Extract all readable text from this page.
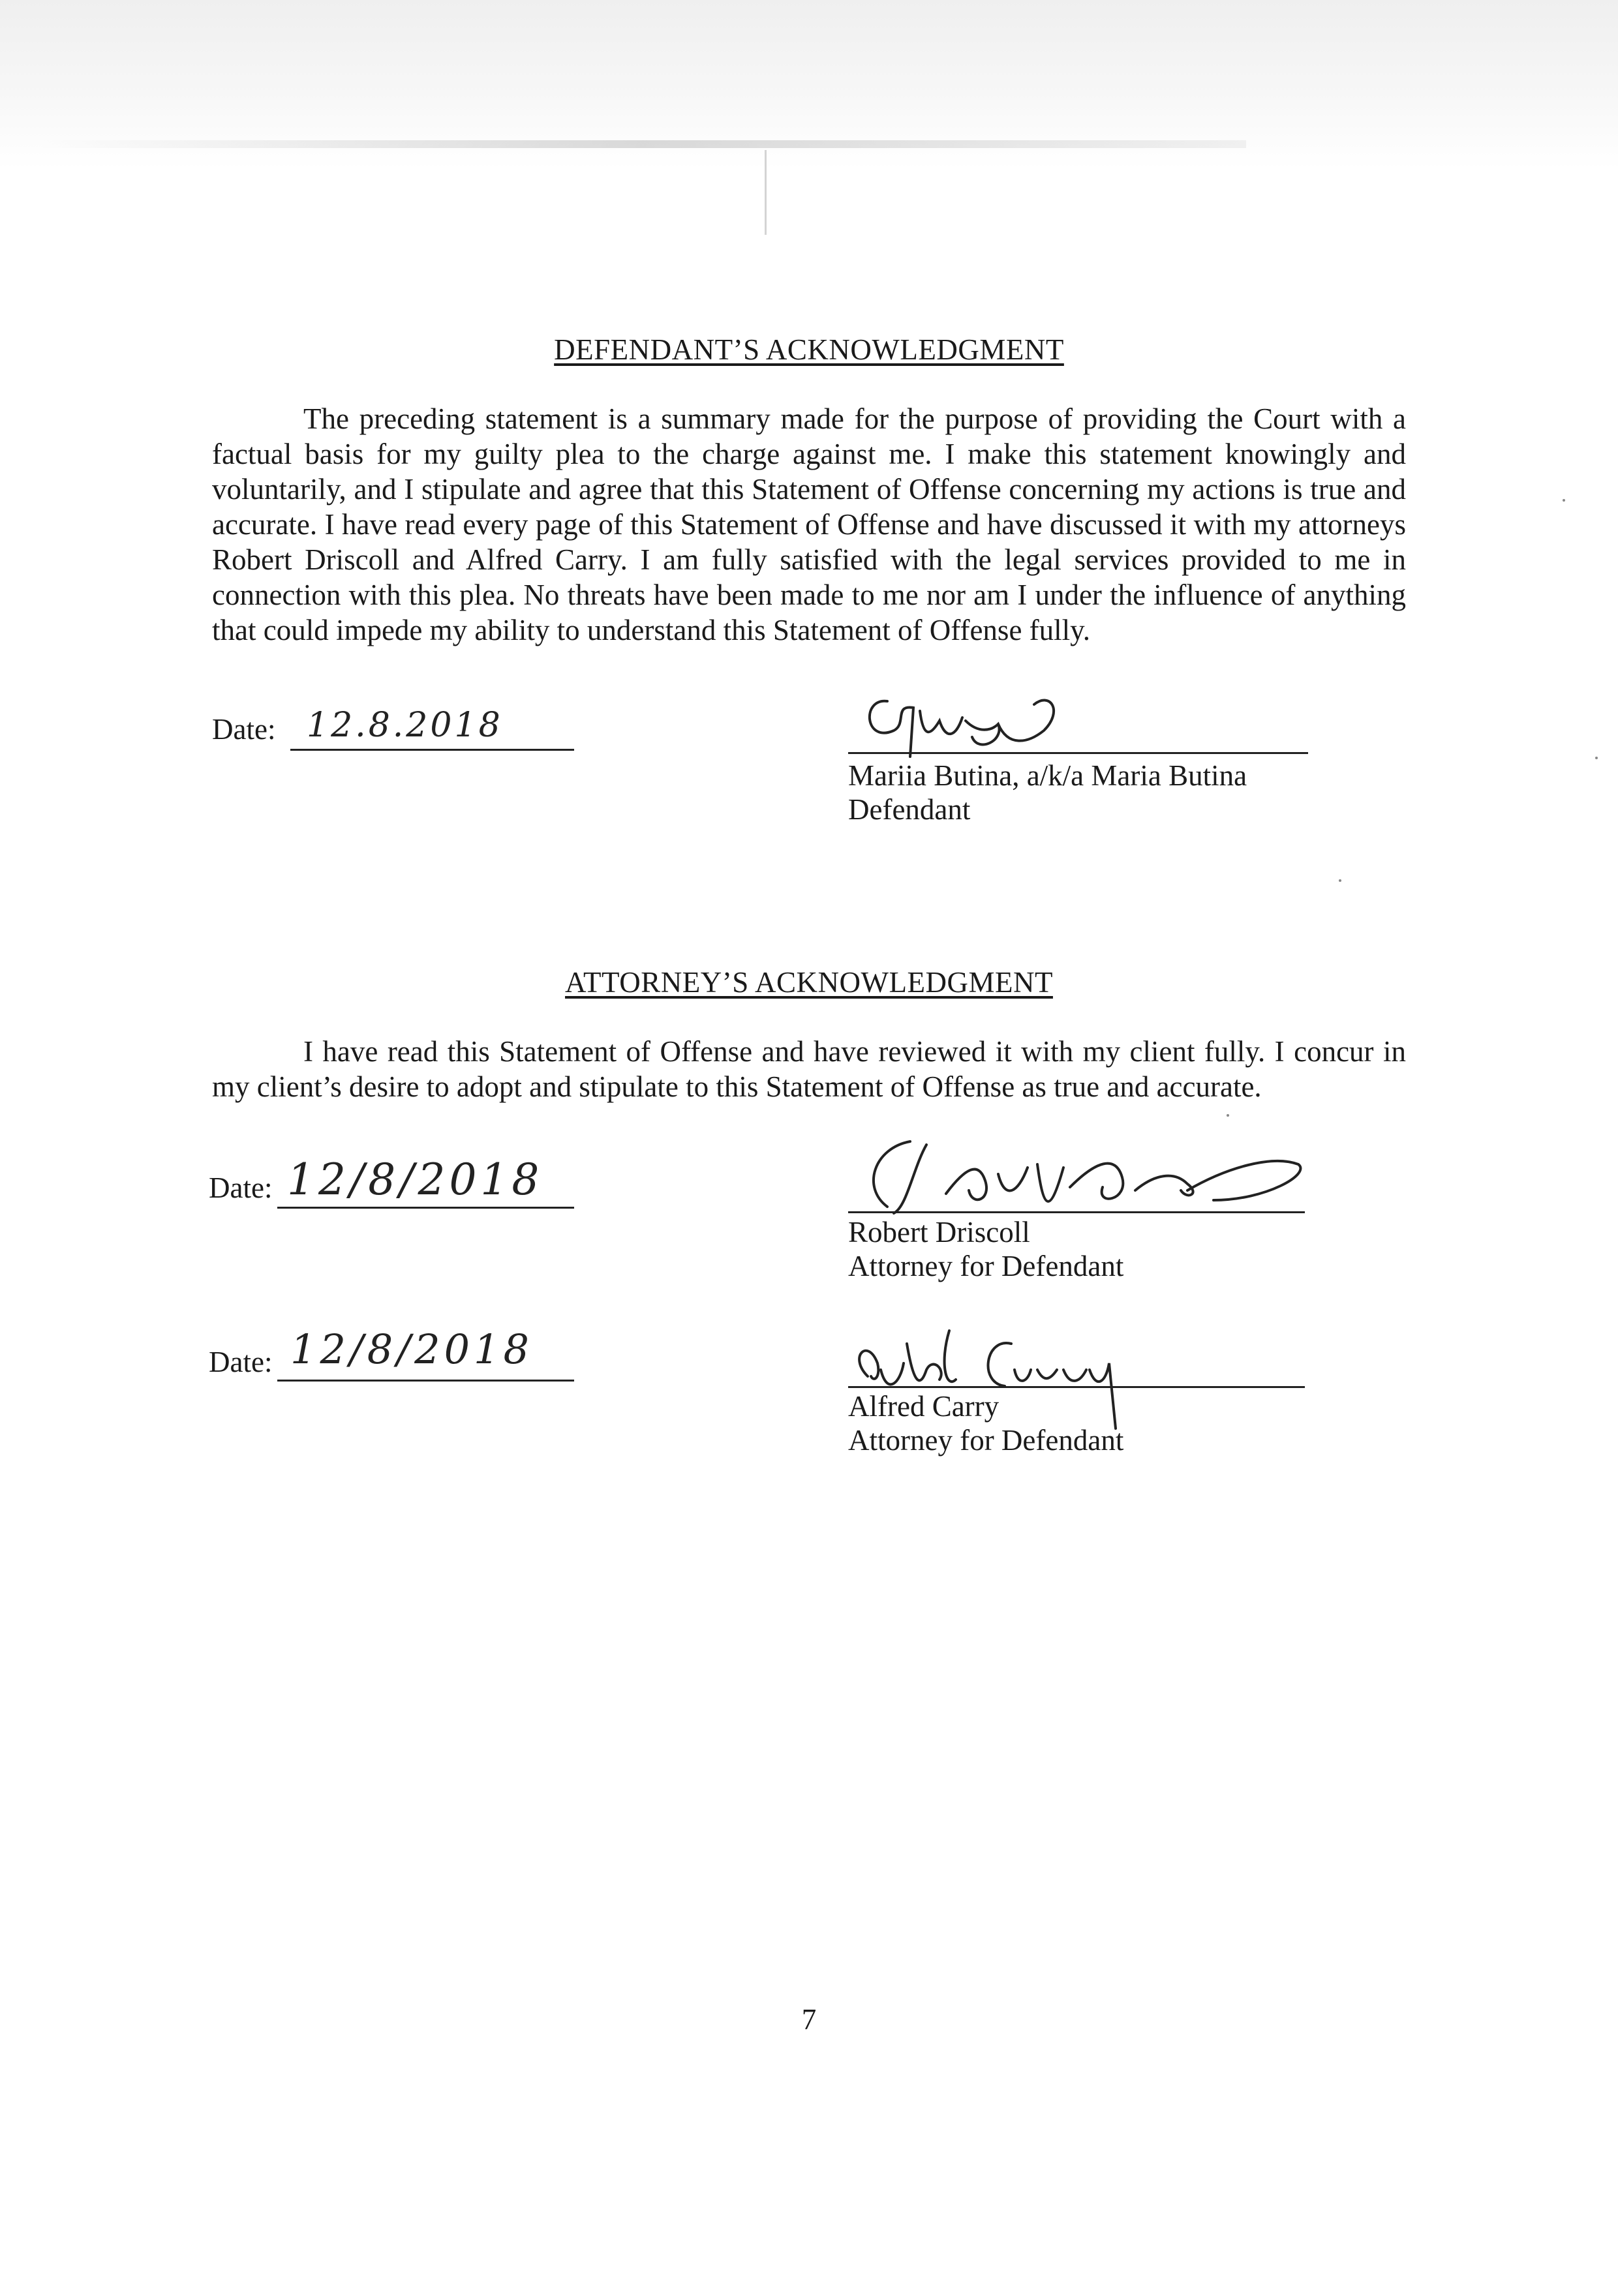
DEFENDANT’S ACKNOWLEDGMENT

The preceding statement is a summary made for the purpose of providing the Court with a factual basis for my guilty plea to the charge against me. I make this statement knowingly and voluntarily, and I stipulate and agree that this Statement of Offense concerning my actions is true and accurate. I have read every page of this Statement of Offense and have discussed it with my attorneys Robert Driscoll and Alfred Carry. I am fully satisfied with the legal services provided to me in connection with this plea. No threats have been made to me nor am I under the influence of anything that could impede my ability to understand this Statement of Offense fully.

Date: 12.8.2018
Mariia Butina, a/k/a Maria Butina
Defendant
ATTORNEY’S ACKNOWLEDGMENT

I have read this Statement of Offense and have reviewed it with my client fully. I concur in my client’s desire to adopt and stipulate to this Statement of Offense as true and accurate.

Date: 12/8/2018
Robert Driscoll
Attorney for Defendant
Date: 12/8/2018
Alfred Carry
Attorney for Defendant
7
